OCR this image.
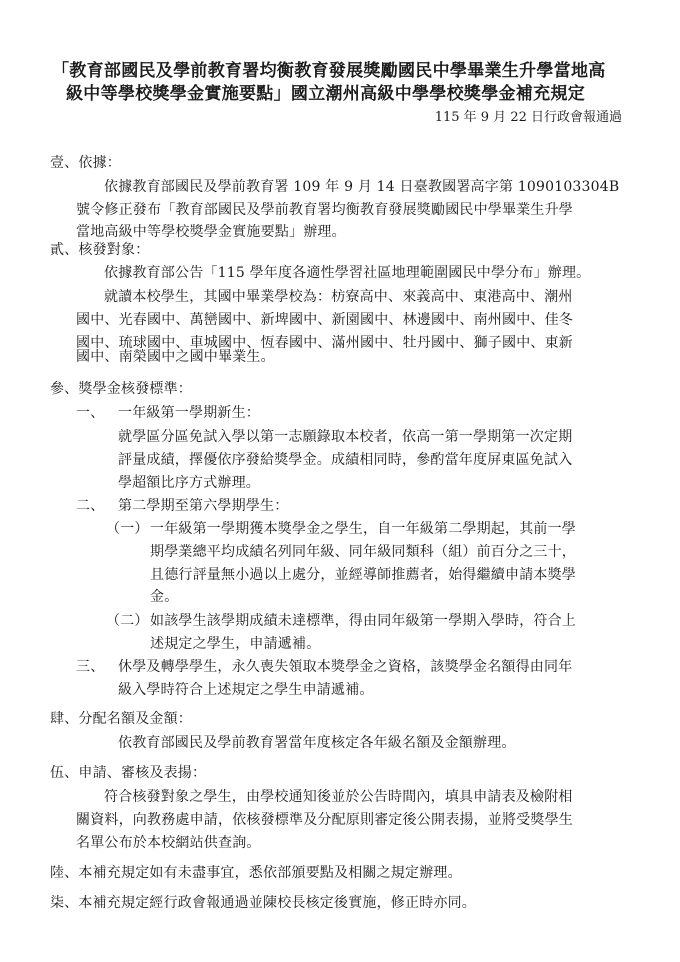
「教育部國民及學前教育署均衡教育發展獎勵國民中學畢業生升學當地高
級中等學校獎學金實施要點」國立潮州高級中學學校獎學金補充規定
115 年 9 月 22 日行政會報通過
壹、依據：
依據教育部國民及學前教育署 109 年 9 月 14 日臺教國署高字第 1090103304B
號令修正發布「教育部國民及學前教育署均衡教育發展獎勵國民中學畢業生升學
當地高級中等學校獎學金實施要點」辦理。
貳、核發對象：
依據教育部公告「115 學年度各適性學習社區地理範圍國民中學分布」辦理。
就讀本校學生，其國中畢業學校為：枋寮高中、來義高中、東港高中、潮州
國中、光春國中、萬巒國中、新埤國中、新園國中、林邊國中、南州國中、佳冬
國中、琉球國中、車城國中、恆春國中、滿州國中、牡丹國中、獅子國中、東新
國中、南榮國中之國中畢業生。
參、獎學金核發標準：
一、 一年級第一學期新生：
就學區分區免試入學以第一志願錄取本校者，依高一第一學期第一次定期
評量成績，擇優依序發給獎學金。成績相同時，參酌當年度屏東區免試入
學超額比序方式辦理。
二、 第二學期至第六學期學生：
（一） 一年級第一學期獲本獎學金之學生，自一年級第二學期起，其前一學
期學業總平均成績名列同年級、同年級同類科（組）前百分之三十，
且德行評量無小過以上處分，並經導師推薦者，始得繼續申請本獎學
金。
（二） 如該學生該學期成績未達標準，得由同年級第一學期入學時，符合上
述規定之學生，申請遞補。
三、 休學及轉學學生，永久喪失領取本獎學金之資格，該獎學金名額得由同年
級入學時符合上述規定之學生申請遞補。
肆、分配名額及金額：
依教育部國民及學前教育署當年度核定各年級名額及金額辦理。
伍、申請、審核及表揚：
符合核發對象之學生，由學校通知後並於公告時間內，填具申請表及檢附相
關資料，向教務處申請，依核發標準及分配原則審定後公開表揚，並將受獎學生
名單公布於本校網站供查詢。
陸、本補充規定如有未盡事宜，悉依部頒要點及相關之規定辦理。
柒、本補充規定經行政會報通過並陳校長核定後實施，修正時亦同。
